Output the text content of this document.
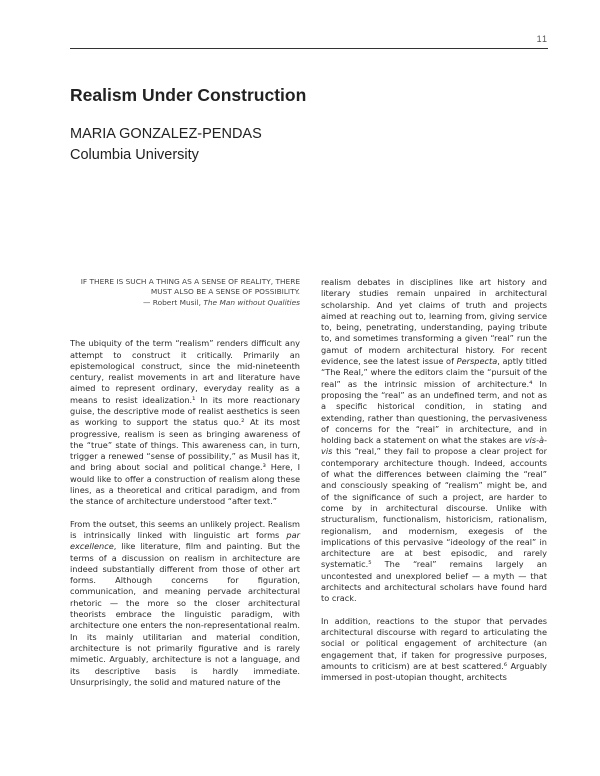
11
Realism Under Construction
MARIA GONZALEZ-PENDAS
Columbia University

IF THERE IS SUCH A THING AS A SENSE OF REALITY, THERE MUST ALSO BE A SENSE OF POSSIBILITY.

— Robert Musil, The Man without Qualities

The ubiquity of the term “realism” renders difficult any attempt to construct it critically. Primarily an epistemological construct, since the mid-nineteenth century, realist movements in art and literature have aimed to represent ordinary, everyday reality as a means to resist idealization.¹ In its more reactionary guise, the descriptive mode of realist aesthetics is seen as working to support the status quo.² At its most progressive, realism is seen as bringing awareness of the “true” state of things. This awareness can, in turn, trigger a renewed “sense of possibility,” as Musil has it, and bring about social and political change.³ Here, I would like to offer a construction of realism along these lines, as a theoretical and critical paradigm, and from the stance of architecture understood “after text.”

From the outset, this seems an unlikely project. Realism is intrinsically linked with linguistic art forms par excellence, like literature, film and painting. But the terms of a discussion on realism in architecture are indeed substantially different from those of other art forms. Although concerns for figuration, communication, and meaning pervade architectural rhetoric — the more so the closer architectural theorists embrace the linguistic paradigm, with architecture one enters the non-representational realm. In its mainly utilitarian and material condition, architecture is not primarily figurative and is rarely mimetic. Arguably, architecture is not a language, and its descriptive basis is hardly immediate. Unsurprisingly, the solid and matured nature of the

realism debates in disciplines like art history and literary studies remain unpaired in architectural scholarship. And yet claims of truth and projects aimed at reaching out to, learning from, giving service to, being, penetrating, understanding, paying tribute to, and sometimes transforming a given “real” run the gamut of modern architectural history. For recent evidence, see the latest issue of Perspecta, aptly titled “The Real,” where the editors claim the “pursuit of the real” as the intrinsic mission of architecture.⁴ In proposing the “real” as an undefined term, and not as a specific historical condition, in stating and extending, rather than questioning, the pervasiveness of concerns for the “real” in architecture, and in holding back a statement on what the stakes are vis-à-vis this “real,” they fail to propose a clear project for contemporary architecture though. Indeed, accounts of what the differences between claiming the “real” and consciously speaking of “realism” might be, and of the significance of such a project, are harder to come by in architectural discourse. Unlike with structuralism, functionalism, historicism, rationalism, regionalism, and modernism, exegesis of the implications of this pervasive “ideology of the real” in architecture are at best episodic, and rarely systematic.⁵ The “real” remains largely an uncontested and unexplored belief — a myth — that architects and architectural scholars have found hard to crack.

In addition, reactions to the stupor that pervades architectural discourse with regard to articulating the social or political engagement of architecture (an engagement that, if taken for progressive purposes, amounts to criticism) are at best scattered.⁶ Arguably immersed in post-utopian thought, architects
